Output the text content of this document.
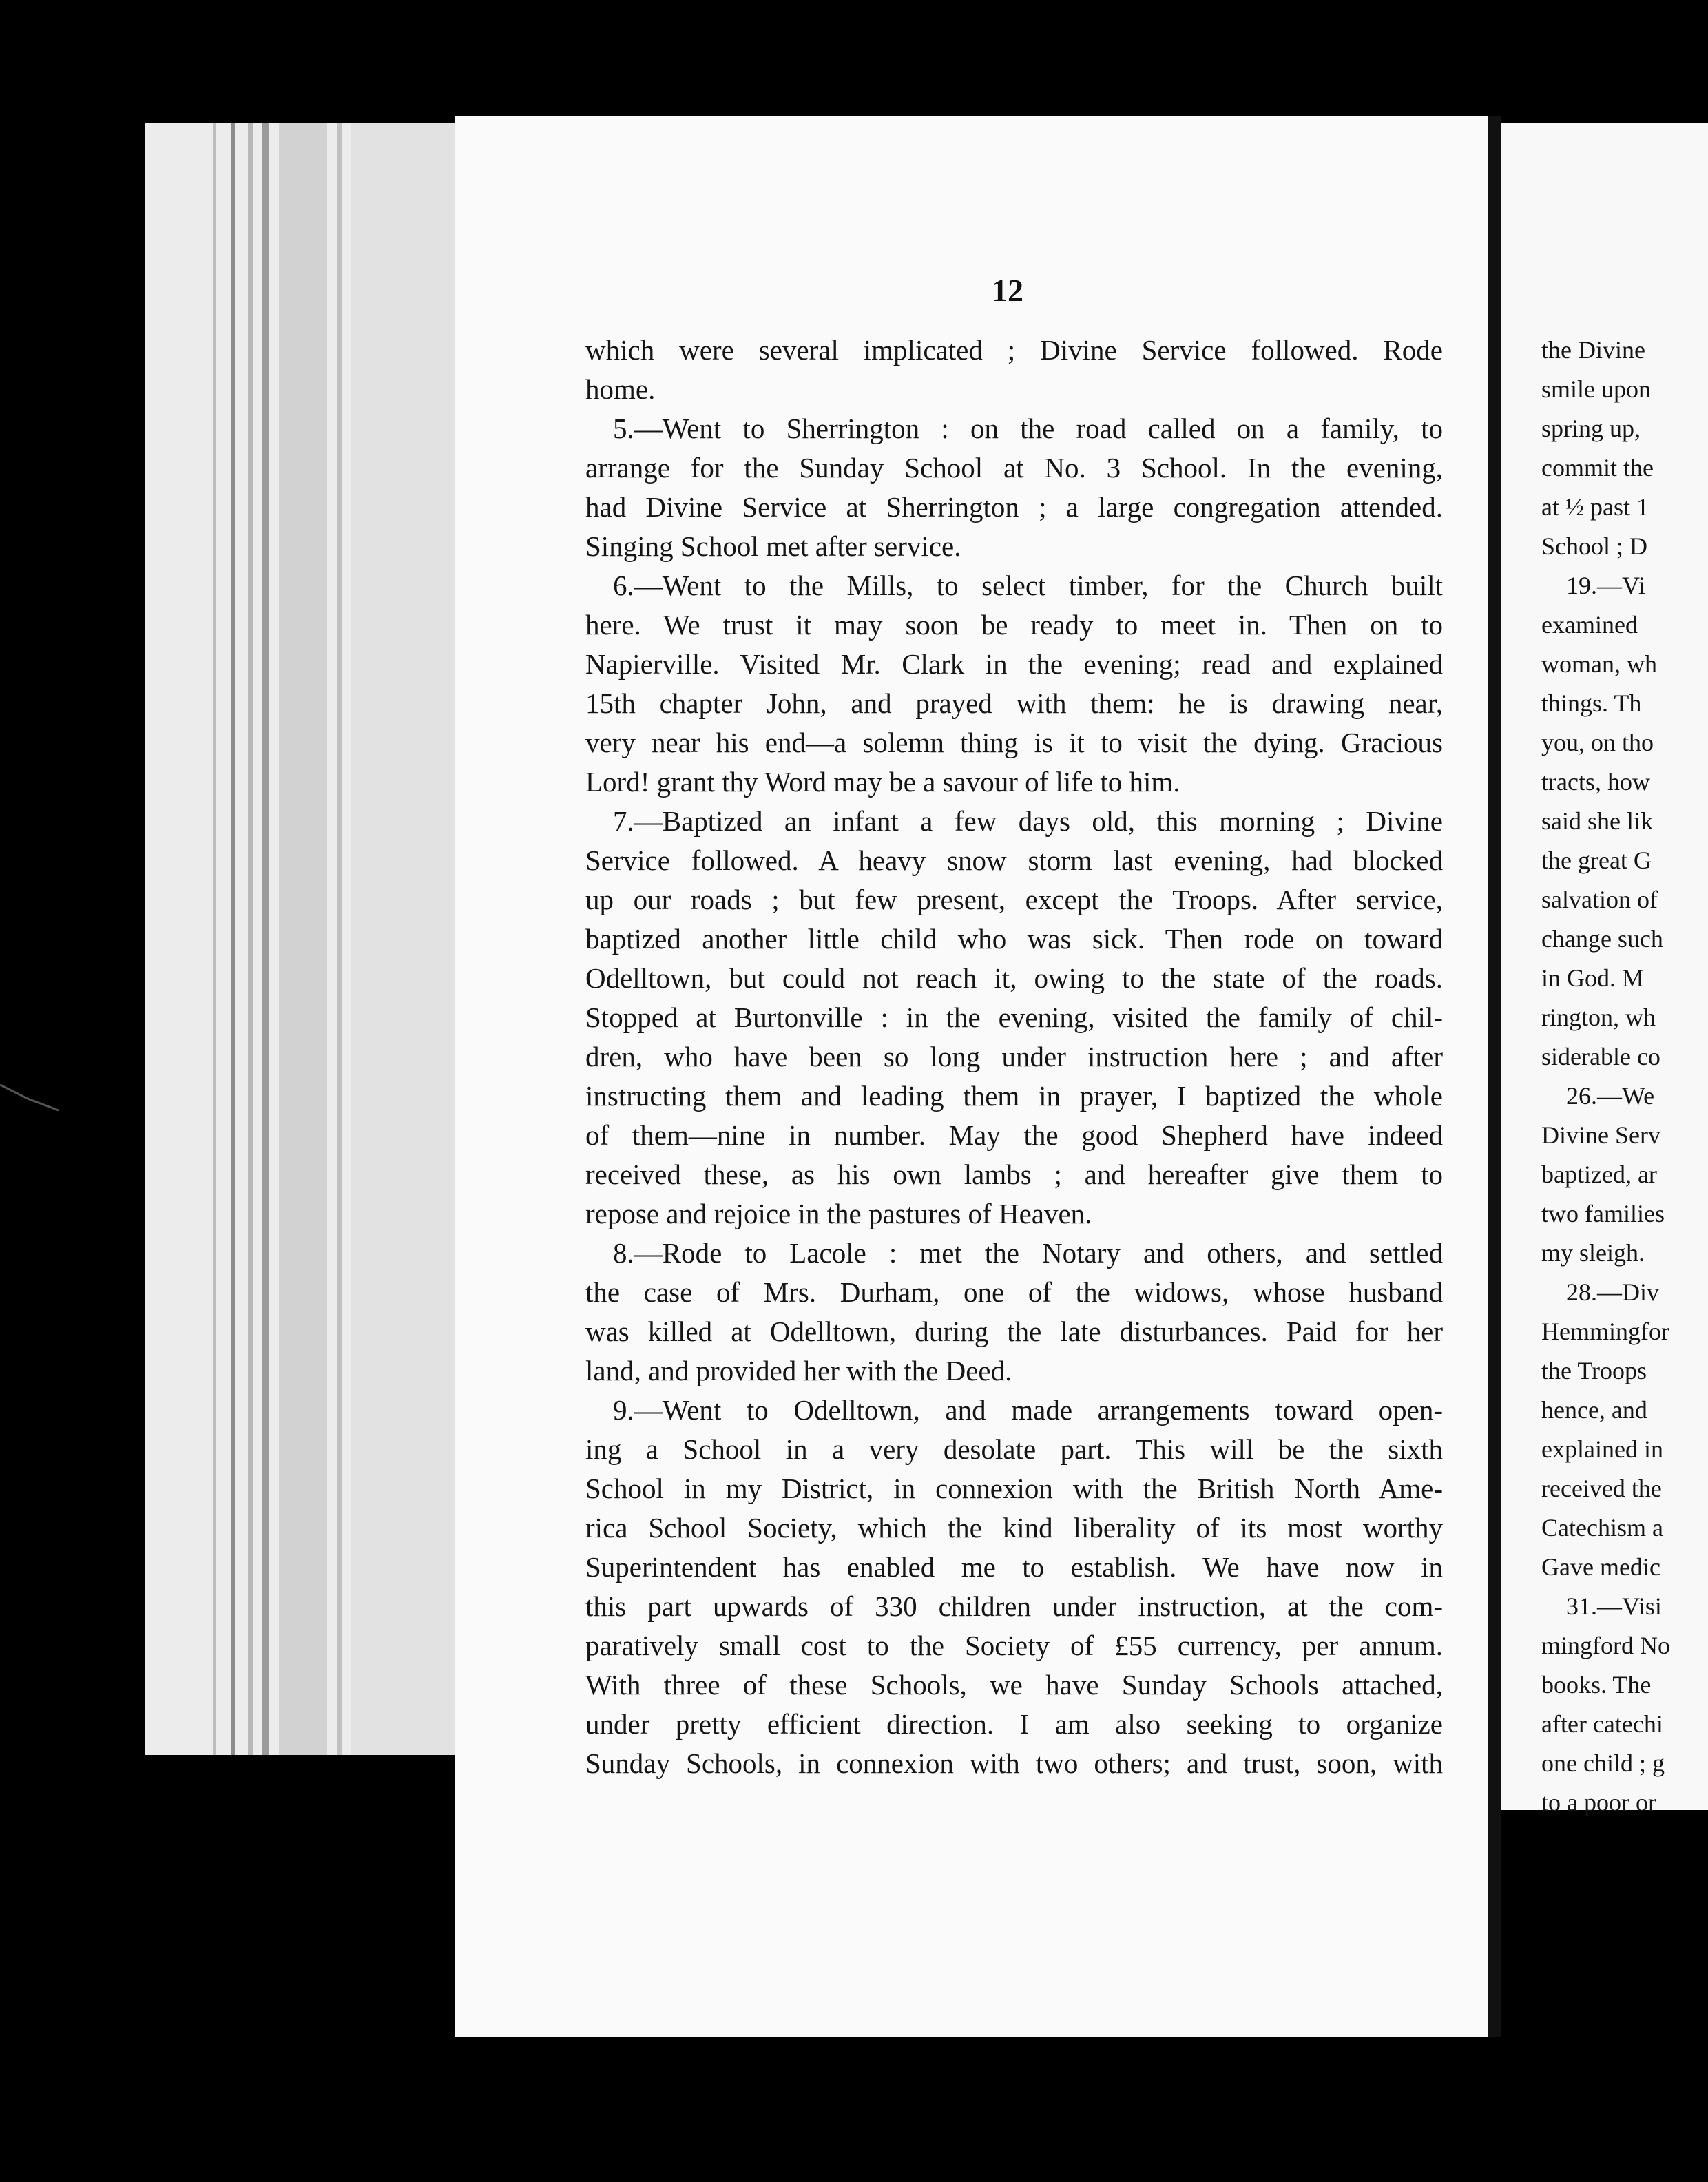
12
which were several implicated ; Divine Service followed. Rode
home.
5.—Went to Sherrington : on the road called on a family, to
arrange for the Sunday School at No. 3 School. In the evening,
had Divine Service at Sherrington ; a large congregation attended.
Singing School met after service.
6.—Went to the Mills, to select timber, for the Church built
here. We trust it may soon be ready to meet in. Then on to
Napierville. Visited Mr. Clark in the evening; read and explained
15th chapter John, and prayed with them: he is drawing near,
very near his end—a solemn thing is it to visit the dying. Gracious
Lord! grant thy Word may be a savour of life to him.
7.—Baptized an infant a few days old, this morning ; Divine
Service followed. A heavy snow storm last evening, had blocked
up our roads ; but few present, except the Troops. After service,
baptized another little child who was sick. Then rode on toward
Odelltown, but could not reach it, owing to the state of the roads.
Stopped at Burtonville : in the evening, visited the family of chil-
dren, who have been so long under instruction here ; and after
instructing them and leading them in prayer, I baptized the whole
of them—nine in number. May the good Shepherd have indeed
received these, as his own lambs ; and hereafter give them to
repose and rejoice in the pastures of Heaven.
8.—Rode to Lacole : met the Notary and others, and settled
the case of Mrs. Durham, one of the widows, whose husband
was killed at Odelltown, during the late disturbances. Paid for her
land, and provided her with the Deed.
9.—Went to Odelltown, and made arrangements toward open-
ing a School in a very desolate part. This will be the sixth
School in my District, in connexion with the British North Ame-
rica School Society, which the kind liberality of its most worthy
Superintendent has enabled me to establish. We have now in
this part upwards of 330 children under instruction, at the com-
paratively small cost to the Society of £55 currency, per annum.
With three of these Schools, we have Sunday Schools attached,
under pretty efficient direction. I am also seeking to organize
Sunday Schools, in connexion with two others; and trust, soon, with
the Divine
smile upon
spring up,
commit the
at ½ past 1
School ; D
19.—Vi
examined
woman, wh
things. Th
you, on tho
tracts, how
said she lik
the great G
salvation of
change such
in God. M
rington, wh
siderable co
26.—We
Divine Serv
baptized, ar
two families
my sleigh.
28.—Div
Hemmingfor
the Troops
hence, and
explained in
received the
Catechism a
Gave medic
31.—Visi
mingford No
books. The
after catechi
one child ; g
to a poor or
